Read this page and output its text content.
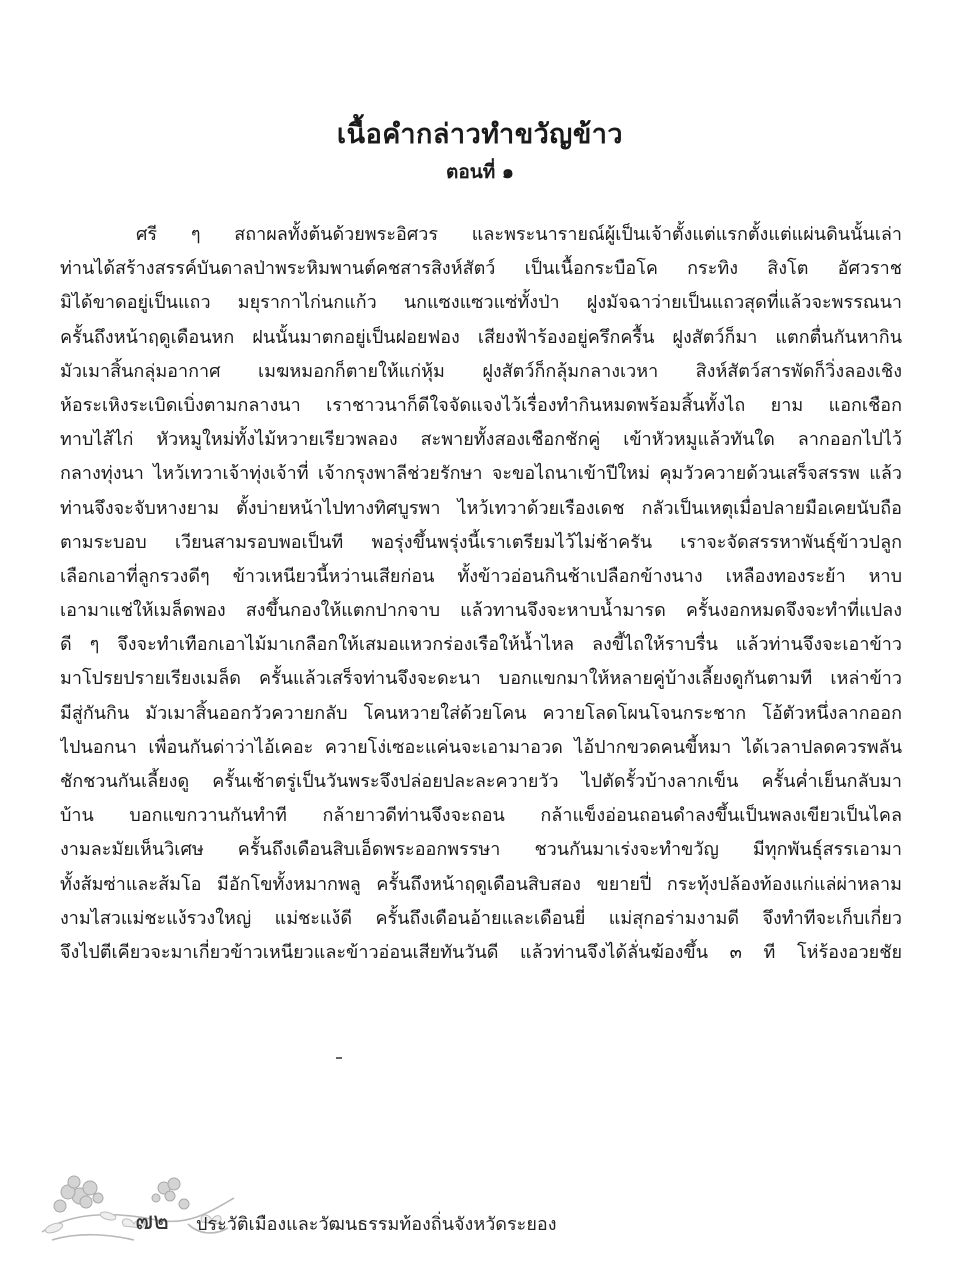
เนื้อคำกล่าวทำขวัญข้าว
ตอนที่ ๑
ศรี ๆ สถาผลทั้งต้นด้วยพระอิศวร และพระนารายณ์ผู้เป็นเจ้าตั้งแต่แรกตั้งแต่แผ่นดินนั้นเล่า
ท่านได้สร้างสรรค์บันดาลป่าพระหิมพานต์คชสารสิงห์สัตว์ เป็นเนื้อกระบือโค กระทิง สิงโต อัศวราช
มิได้ขาดอยู่เป็นแถว มยุรากาไก่นกแก้ว นกแซงแซวแซ่ทั้งป่า ฝูงมัจฉาว่ายเป็นแถวสุดที่แล้วจะพรรณนา
ครั้นถึงหน้าฤดูเดือนหก ฝนนั้นมาตกอยู่เป็นฝอยฟอง เสียงฟ้าร้องอยู่ครึกครื้น ฝูงสัตว์ก็มา แตกตื่นกันหากิน
มัวเมาสิ้นกลุ่มอากาศ เมฆหมอกก็ตายให้แก่หุ้ม ฝูงสัตว์ก็กลุ้มกลางเวหา สิงห์สัตว์สารพัดก็วิ่งลองเชิง
ห้อระเหิงระเบิดเบิ่งตามกลางนา เราชาวนาก็ดีใจจัดแจงไว้เรื่องทำกินหมดพร้อมสิ้นทั้งไถ ยาม แอกเชือก
ทาบไส้ไก่ หัวหมูใหม่ทั้งไม้หวายเรียวพลอง สะพายทั้งสองเชือกชักคู่ เข้าหัวหมูแล้วทันใด ลากออกไปไว้
กลางทุ่งนา ไหว้เทวาเจ้าทุ่งเจ้าที่ เจ้ากรุงพาลีช่วยรักษา จะขอไถนาเข้าปีใหม่ คุมวัวควายด้วนเสร็จสรรพ แล้ว
ท่านจึงจะจับหางยาม ตั้งบ่ายหน้าไปทางทิศบูรพา ไหว้เทวาด้วยเรืองเดช กลัวเป็นเหตุเมื่อปลายมือเคยนับถือ
ตามระบอบ เวียนสามรอบพอเป็นที พอรุ่งขึ้นพรุ่งนี้เราเตรียมไว้ไม่ช้าครัน เราจะจัดสรรหาพันธุ์ข้าวปลูก
เลือกเอาที่ลูกรวงดีๆ ข้าวเหนียวนี้หว่านเสียก่อน ทั้งข้าวอ่อนกินช้าเปลือกข้างนาง เหลืองทองระย้า หาบ
เอามาแช่ให้เมล็ดพอง สงขึ้นกองให้แตกปากจาบ แล้วทานจึงจะหาบน้ำมารด ครั้นงอกหมดจึงจะทำที่แปลง
ดี ๆ จึงจะทำเทือกเอาไม้มาเกลือกให้เสมอแหวกร่องเรือให้น้ำไหล ลงขี้ไถให้ราบรื่น แล้วท่านจึงจะเอาข้าว
มาโปรยปรายเรียงเมล็ด ครั้นแล้วเสร็จท่านจึงจะดะนา บอกแขกมาให้หลายคู่บ้างเลี้ยงดูกันตามที เหล่าข้าว
มีสู่กันกิน มัวเมาสิ้นออกวัวควายกลับ โคนหวายใส่ด้วยโคน ควายโลดโผนโจนกระชาก โอ้ตัวหนึ่งลากออก
ไปนอกนา เพื่อนกันด่าว่าไอ้เคอะ ควายโง่เซอะแค่นจะเอามาอวด ไอ้ปากขวดคนขี้หมา ได้เวลาปลดควรพลัน
ชักชวนกันเลี้ยงดู ครั้นเช้าตรู่เป็นวันพระจึงปล่อยปละละควายวัว ไปตัดรั้วบ้างลากเข็น ครั้นค่ำเย็นกลับมา
บ้าน บอกแขกวานกันทำที กล้ายาวดีท่านจึงจะถอน กล้าแข็งอ่อนถอนดำลงขึ้นเป็นพลงเขียวเป็นไคล
งามละมัยเห็นวิเศษ ครั้นถึงเดือนสิบเอ็ดพระออกพรรษา ชวนกันมาเร่งจะทำขวัญ มีทุกพันธุ์สรรเอามา
ทั้งส้มซ่าและส้มโอ มีอักโขทั้งหมากพลู ครั้นถึงหน้าฤดูเดือนสิบสอง ขยายปี่ กระทุ้งปล้องท้องแก่แล่ผ่าหลาม
งามไสวแม่ชะแง้รวงใหญ่ แม่ชะแง้ดี ครั้นถึงเดือนอ้ายและเดือนยี่ แม่สุกอร่ามงามดี จึงทำทีจะเก็บเกี่ยว
จึงไปตีเคียวจะมาเกี่ยวข้าวเหนียวและข้าวอ่อนเสียทันวันดี แล้วท่านจึงได้ลั่นฆ้องขึ้น ๓ ที โห่ร้องอวยชัย
๗๒	ประวัติเมืองและวัฒนธรรมท้องถิ่นจังหวัดระยอง
